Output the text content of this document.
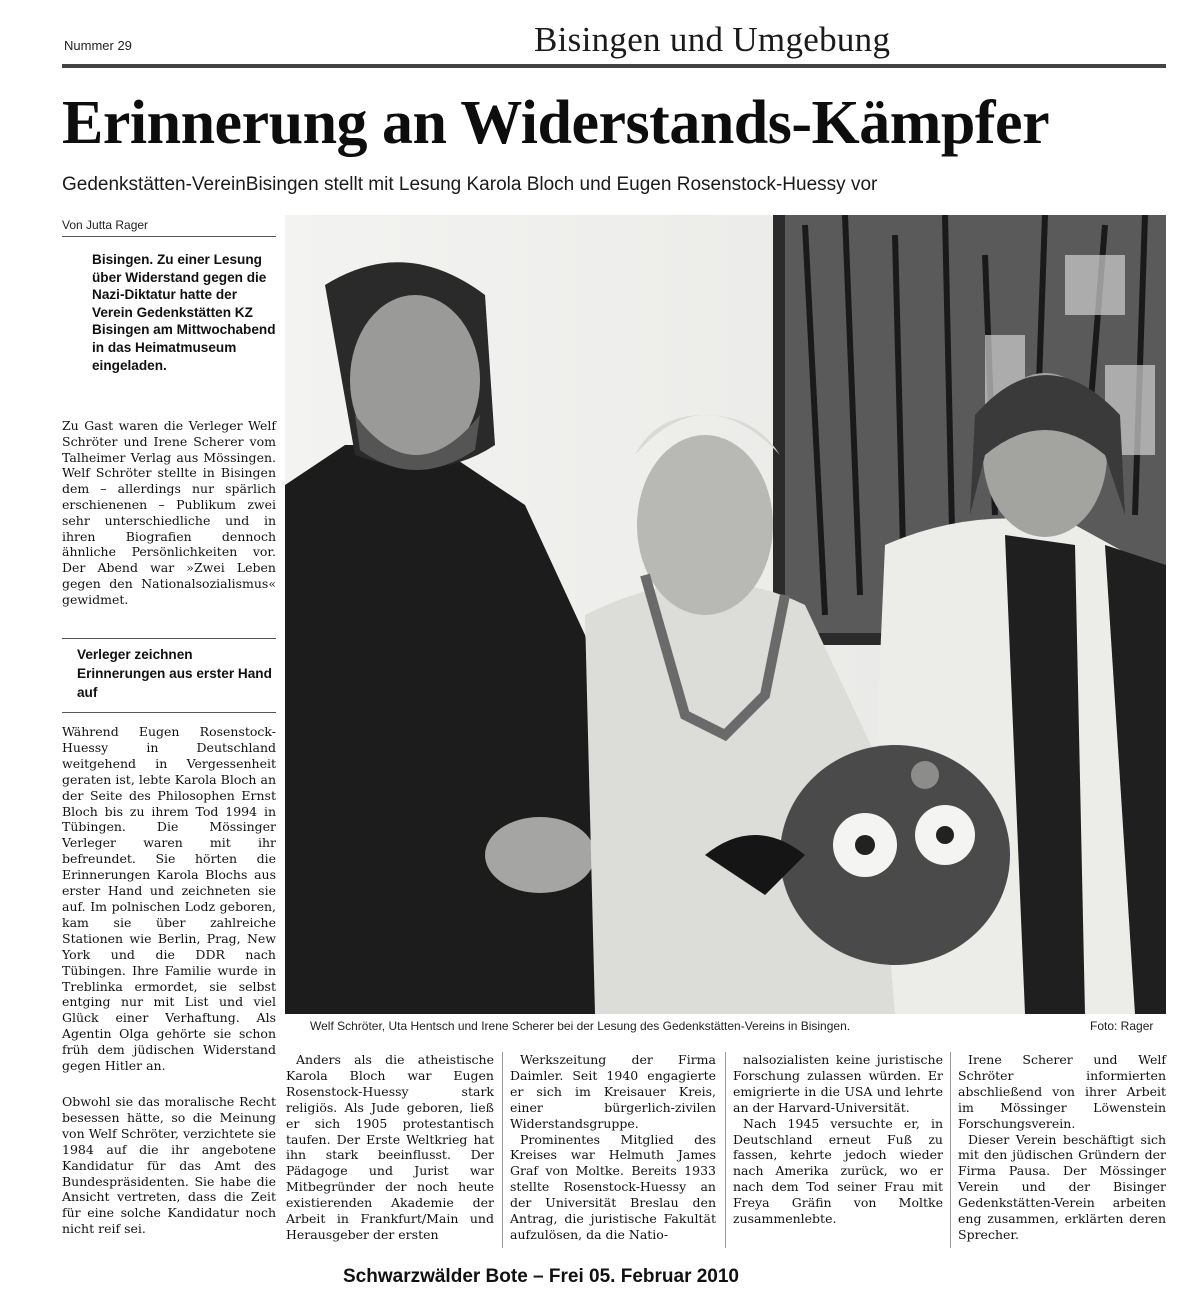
Nummer 29	Bisingen und Umgebung
Erinnerung an Widerstands-Kämpfer
Gedenkstätten-VereinBisingen stellt mit Lesung Karola Bloch und Eugen Rosenstock-Huessy vor
Von Jutta Rager
Bisingen. Zu einer Lesung über Widerstand gegen die Nazi-Diktatur hatte der Verein Gedenkstätten KZ Bisingen am Mittwochabend in das Heimatmuseum eingeladen.
Zu Gast waren die Verleger Welf Schröter und Irene Scherer vom Talheimer Verlag aus Mössingen. Welf Schröter stellte in Bisingen dem – allerdings nur spärlich erschienenen – Publikum zwei sehr unterschiedliche und in ihren Biografien dennoch ähnliche Persönlichkeiten vor. Der Abend war »Zwei Leben gegen den Nationalsozialismus« gewidmet.
Verleger zeichnen Erinnerungen aus erster Hand auf
Während Eugen Rosenstock-Huessy in Deutschland weitgehend in Vergessenheit geraten ist, lebte Karola Bloch an der Seite des Philosophen Ernst Bloch bis zu ihrem Tod 1994 in Tübingen. Die Mössinger Verleger waren mit ihr befreundet. Sie hörten die Erinnerungen Karola Blochs aus erster Hand und zeichneten sie auf. Im polnischen Lodz geboren, kam sie über zahlreiche Stationen wie Berlin, Prag, New York und die DDR nach Tübingen. Ihre Familie wurde in Treblinka ermordet, sie selbst entging nur mit List und viel Glück einer Verhaftung. Als Agentin Olga gehörte sie schon früh dem jüdischen Widerstand gegen Hitler an.
Obwohl sie das moralische Recht besessen hätte, so die Meinung von Welf Schröter, verzichtete sie 1984 auf die ihr angebotene Kandidatur für das Amt des Bundespräsidenten. Sie habe die Ansicht vertreten, dass die Zeit für eine solche Kandidatur noch nicht reif sei.
Welf Schröter, Uta Hentsch und Irene Scherer bei der Lesung des Gedenkstätten-Vereins in Bisingen.	Foto: Rager

Anders als die atheistische Karola Bloch war Eugen Rosenstock-Huessy stark religiös. Als Jude geboren, ließ er sich 1905 protestantisch taufen. Der Erste Weltkrieg hat ihn stark beeinflusst. Der Pädagoge und Jurist war Mitbegründer der noch heute existierenden Akademie der Arbeit in Frankfurt/Main und Herausgeber der ersten

Werkszeitung der Firma Daimler. Seit 1940 engagierte er sich im Kreisauer Kreis, einer bürgerlich-zivilen Widerstandsgruppe.

Prominentes Mitglied des Kreises war Helmuth James Graf von Moltke. Bereits 1933 stellte Rosenstock-Huessy an der Universität Breslau den Antrag, die juristische Fakultät aufzulösen, da die Natio-

nalsozialisten keine juristische Forschung zulassen würden. Er emigrierte in die USA und lehrte an der Harvard-Universität.

Nach 1945 versuchte er, in Deutschland erneut Fuß zu fassen, kehrte jedoch wieder nach Amerika zurück, wo er nach dem Tod seiner Frau mit Freya Gräfin von Moltke zusammenlebte.

Irene Scherer und Welf Schröter informierten abschließend von ihrer Arbeit im Mössinger Löwenstein Forschungsverein.

Dieser Verein beschäftigt sich mit den jüdischen Gründern der Firma Pausa. Der Mössinger Verein und der Bisinger Gedenkstätten-Verein arbeiten eng zusammen, erklärten deren Sprecher.

Schwarzwälder Bote – Frei 05. Februar 2010
